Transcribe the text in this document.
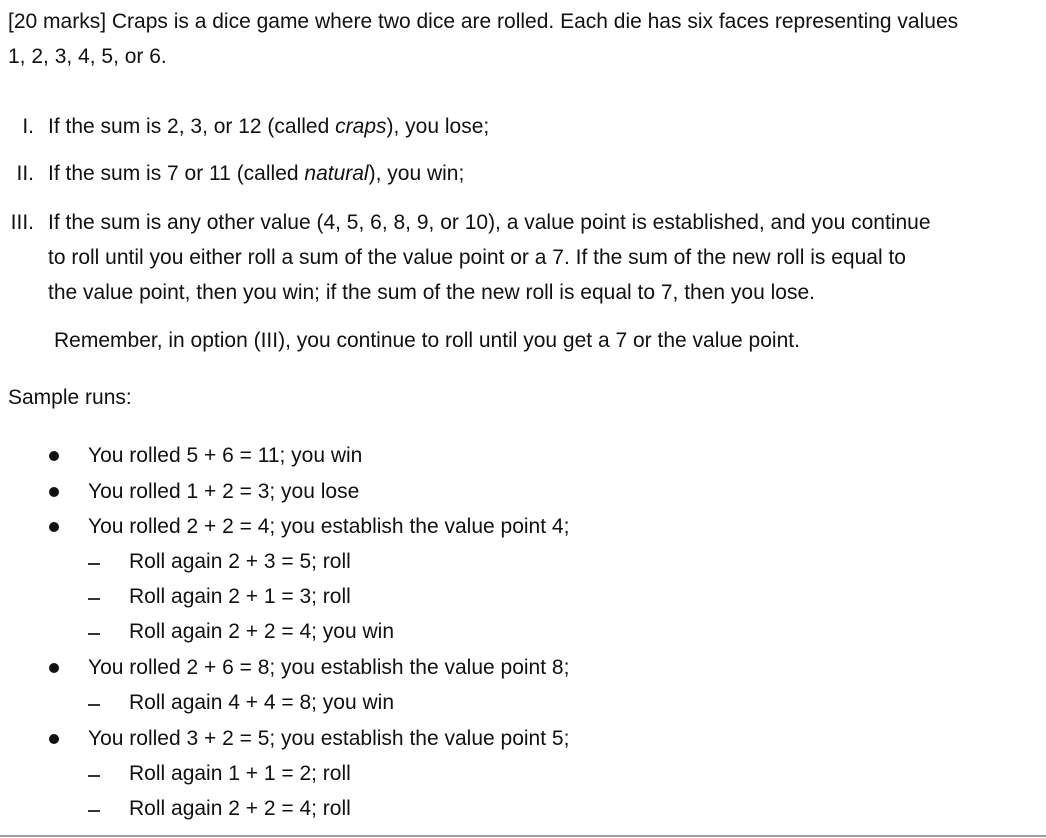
[20 marks] Craps is a dice game where two dice are rolled. Each die has six faces representing values
1, 2, 3, 4, 5, or 6.
I. If the sum is 2, 3, or 12 (called craps), you lose;
II. If the sum is 7 or 11 (called natural), you win;
III. If the sum is any other value (4, 5, 6, 8, 9, or 10), a value point is established, and you continue
to roll until you either roll a sum of the value point or a 7. If the sum of the new roll is equal to
the value point, then you win; if the sum of the new roll is equal to 7, then you lose.
Remember, in option (III), you continue to roll until you get a 7 or the value point.
Sample runs:
You rolled 5 + 6 = 11; you win
You rolled 1 + 2 = 3; you lose
You rolled 2 + 2 = 4; you establish the value point 4;
Roll again 2 + 3 = 5; roll
Roll again 2 + 1 = 3; roll
Roll again 2 + 2 = 4; you win
You rolled 2 + 6 = 8; you establish the value point 8;
Roll again 4 + 4 = 8; you win
You rolled 3 + 2 = 5; you establish the value point 5;
Roll again 1 + 1 = 2; roll
Roll again 2 + 2 = 4; roll
